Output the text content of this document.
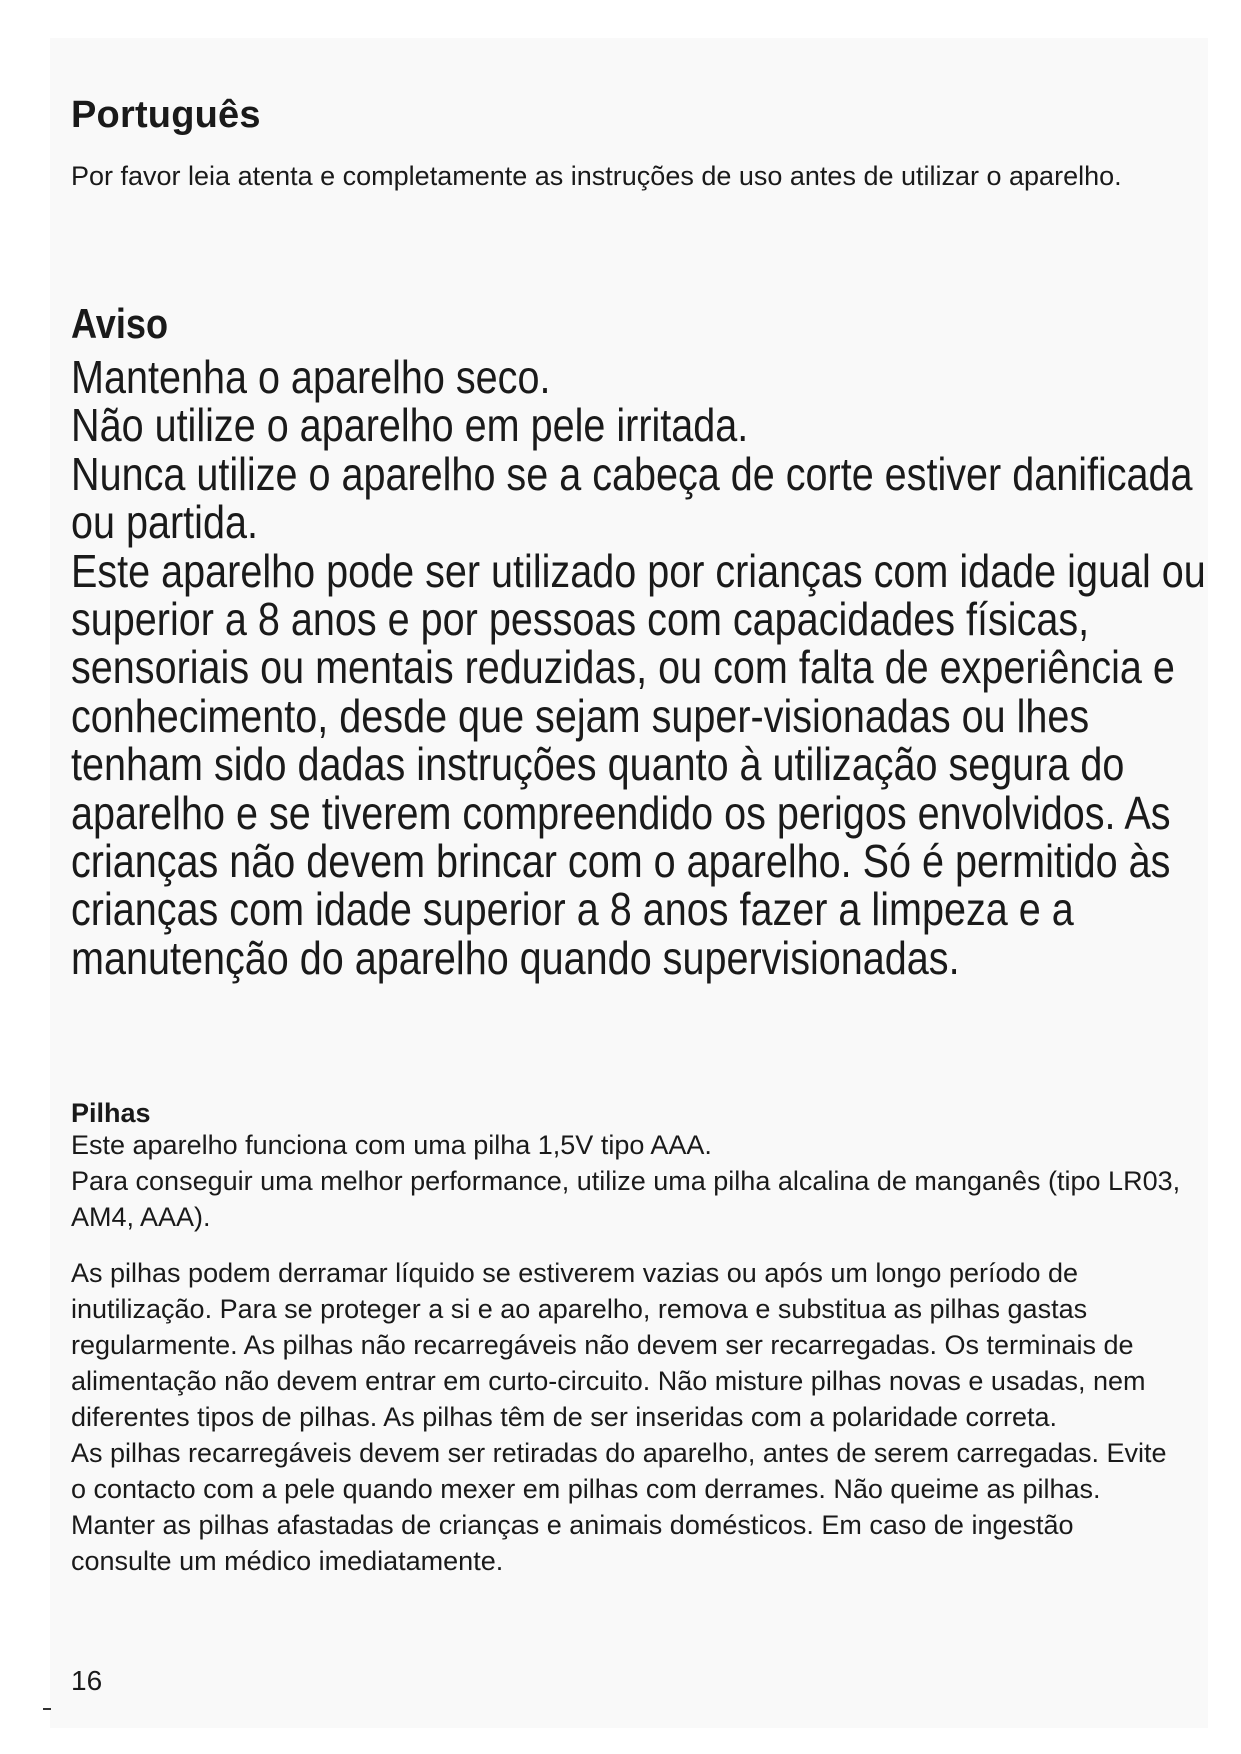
Português

Por favor leia atenta e completamente as instruções de uso antes de utilizar o aparelho.

Aviso

Mantenha o aparelho seco.

Não utilize o aparelho em pele irritada.

Nunca utilize o aparelho se a cabeça de corte estiver danificada ou partida.

Este aparelho pode ser utilizado por crianças com idade igual ou superior a 8 anos e por pessoas com capacidades físicas, sensoriais ou mentais reduzidas, ou com falta de experiência e conhecimento, desde que sejam super-visionadas ou lhes tenham sido dadas instruções quanto à utilização segura do aparelho e se tiverem compreendido os perigos envolvidos. As crianças não devem brincar com o aparelho. Só é permitido às crianças com idade superior a 8 anos fazer a limpeza e a manutenção do aparelho quando supervisionadas.

Pilhas

Este aparelho funciona com uma pilha 1,5V tipo AAA.

Para conseguir uma melhor performance, utilize uma pilha alcalina de manganês (tipo LR03, AM4, AAA).

As pilhas podem derramar líquido se estiverem vazias ou após um longo período de inutilização. Para se proteger a si e ao aparelho, remova e substitua as pilhas gastas regularmente. As pilhas não recarregáveis não devem ser recarregadas. Os terminais de alimentação não devem entrar em curto-circuito. Não misture pilhas novas e usadas, nem diferentes tipos de pilhas. As pilhas têm de ser inseridas com a polaridade correta.

As pilhas recarregáveis devem ser retiradas do aparelho, antes de serem carregadas. Evite o contacto com a pele quando mexer em pilhas com derrames. Não queime as pilhas.

Manter as pilhas afastadas de crianças e animais domésticos. Em caso de ingestão consulte um médico imediatamente.

16
